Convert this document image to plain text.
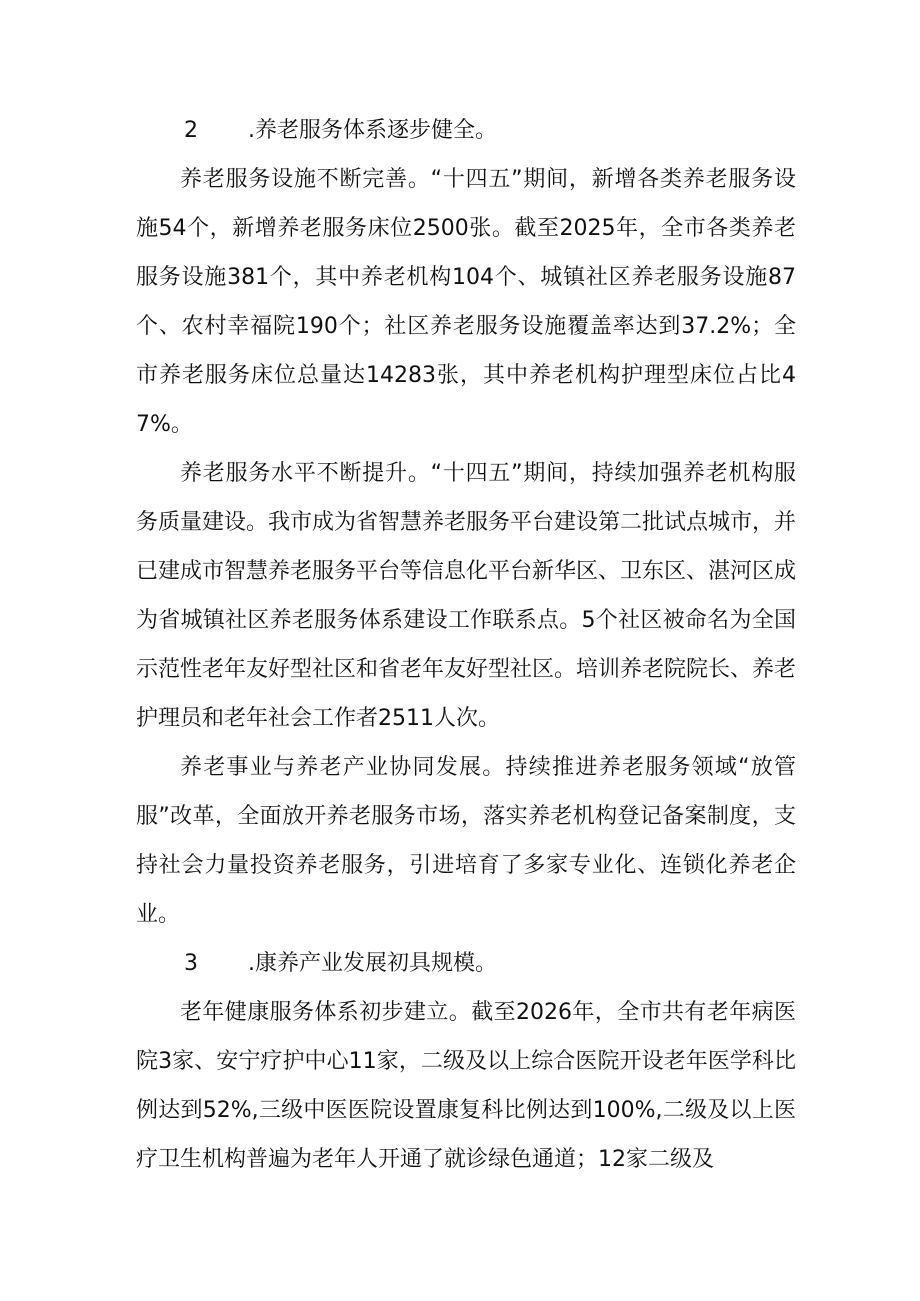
2	.养老服务体系逐步健全。

养老服务设施不断完善。“十四五”期间，新增各类养老服务设施54个，新增养老服务床位2500张。截至2025年，全市各类养老服务设施381个，其中养老机构104个、城镇社区养老服务设施87个、农村幸福院190个；社区养老服务设施覆盖率达到37.2%；全市养老服务床位总量达14283张，其中养老机构护理型床位占比47%。

养老服务水平不断提升。“十四五”期间，持续加强养老机构服务质量建设。我市成为省智慧养老服务平台建设第二批试点城市，并已建成市智慧养老服务平台等信息化平台新华区、卫东区、湛河区成为省城镇社区养老服务体系建设工作联系点。5个社区被命名为全国示范性老年友好型社区和省老年友好型社区。培训养老院院长、养老护理员和老年社会工作者2511人次。

养老事业与养老产业协同发展。持续推进养老服务领域“放管服”改革，全面放开养老服务市场，落实养老机构登记备案制度，支持社会力量投资养老服务，引进培育了多家专业化、连锁化养老企业。

3	.康养产业发展初具规模。

老年健康服务体系初步建立。截至2026年，全市共有老年病医院3家、安宁疗护中心11家，二级及以上综合医院开设老年医学科比例达到52%,三级中医医院设置康复科比例达到100%,二级及以上医疗卫生机构普遍为老年人开通了就诊绿色通道；12家二级及
